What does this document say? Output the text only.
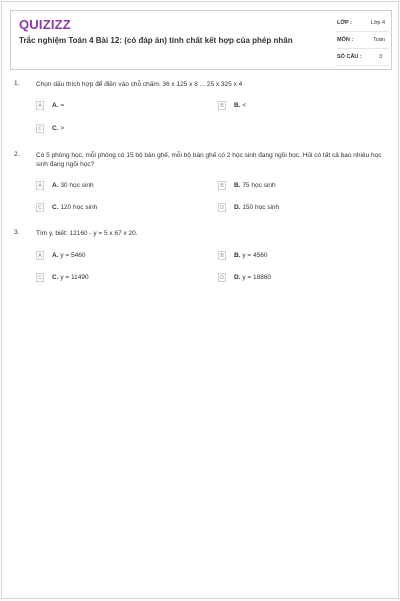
QUIZIZZ
Trắc nghiệm Toán 4 Bài 12: (có đáp án) tính chất kết hợp của phép nhân
LỚP :	Lớp 4
MÔN :	Toán
SỐ CÂU :	3
1.	Chọn dấu thích hợp để điền vào chỗ chấm: 36 x 125 x 8 ... 25 x 325 x 4
A	A. =	B	B. <
C	C. >
2.	Có 5 phòng học, mỗi phòng có 15 bộ bàn ghế, mỗi bộ bàn ghế có 2 học sinh đang ngồi học. Hỏi có tất cả bao nhiêu học sinh đang ngồi học?
A	A. 30 học sinh	B	B. 75 học sinh
C	C. 120 học sinh	D	D. 150 học sinh
3.	Tìm y, biết: 12160 - y = 5 x 67 x 20.
A	A. y = 5460	B	B. y = 4560
C	C. y = 11490	D	D. y = 18860
